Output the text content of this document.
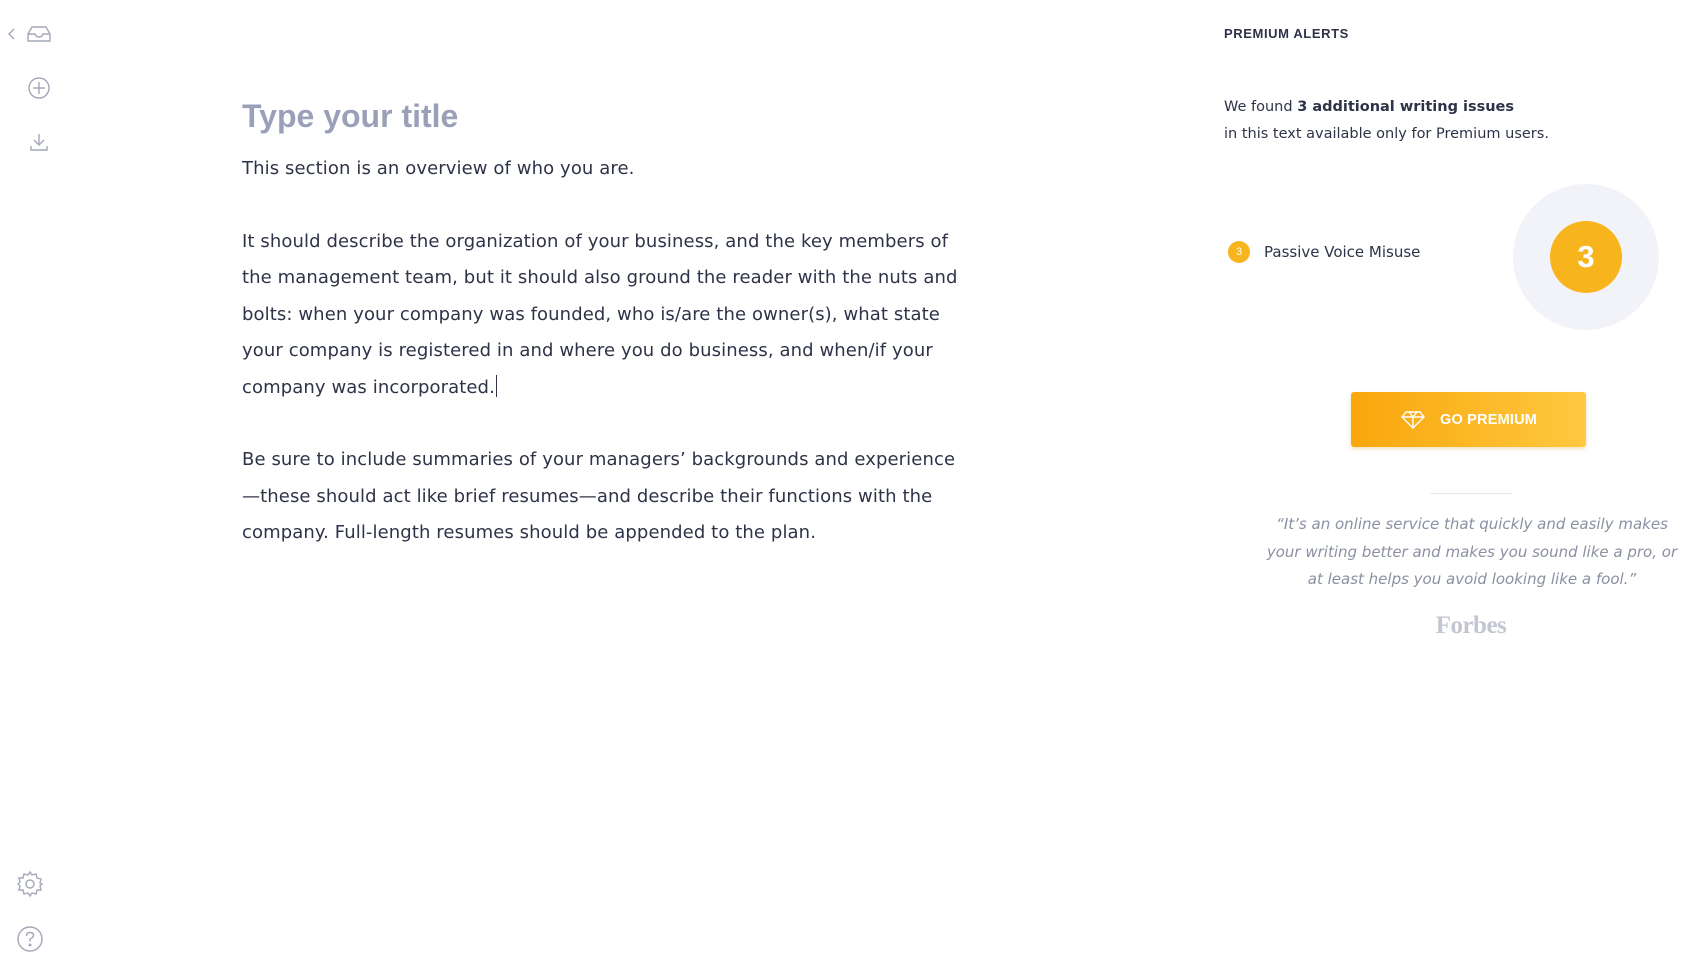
Type your title

This section is an overview of who you are.

It should describe the organization of your business, and the key members of the management team, but it should also ground the reader with the nuts and bolts: when your company was founded, who is/are the owner(s), what state your company is registered in and where you do business, and when/if your company was incorporated.

Be sure to include summaries of your managers’ backgrounds and experience—these should act like brief resumes—and describe their functions with the company. Full-length resumes should be appended to the plan.

PREMIUM ALERTS
We found 3 additional writing issues
in this text available only for Premium users.
3	Passive Voice Misuse	3
GO PREMIUM
“It’s an online service that quickly and easily makes your writing better and makes you sound like a pro, or at least helps you avoid looking like a fool.”
Forbes
